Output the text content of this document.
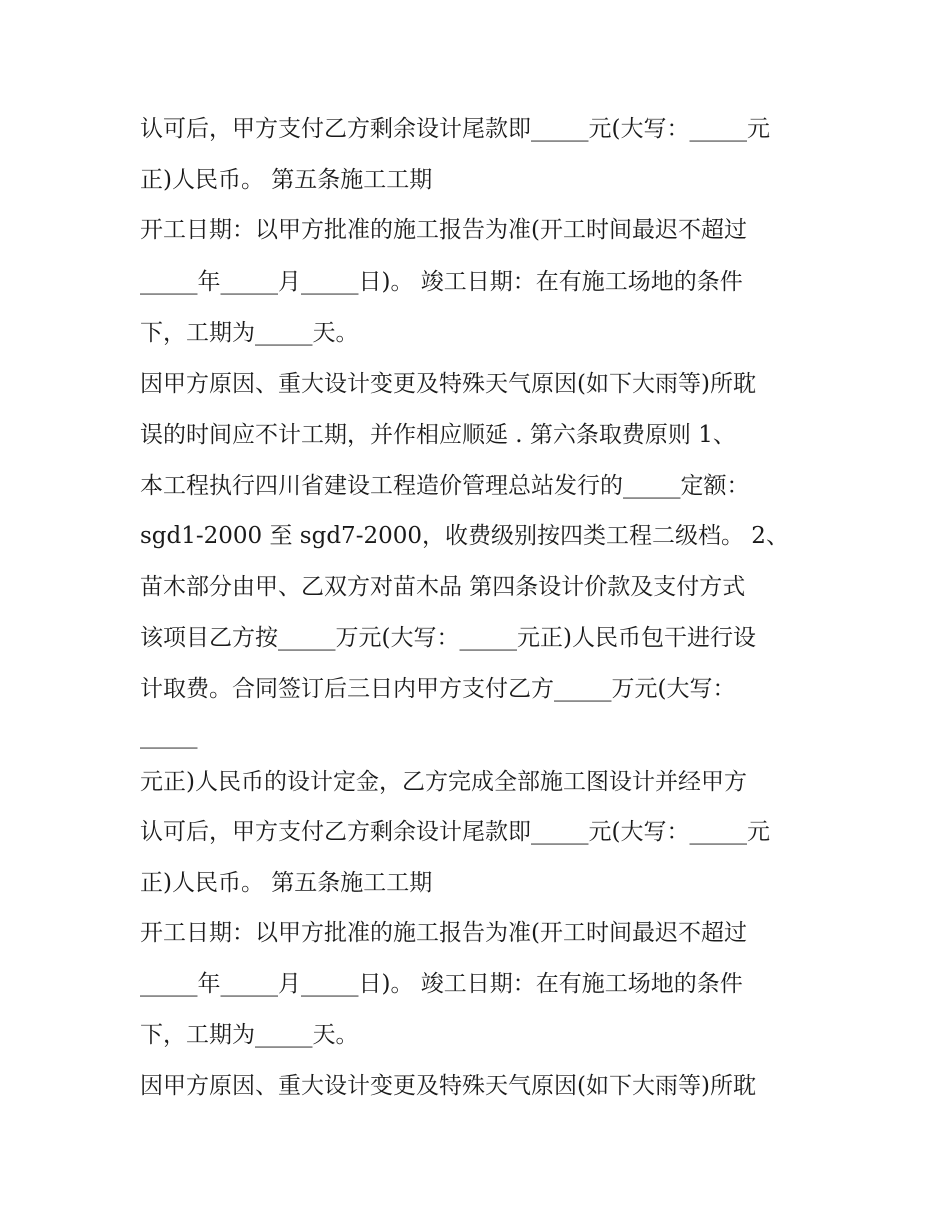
认可后，甲方支付乙方剩余设计尾款即_____元(大写：_____元

正)人民币。 第五条施工工期

开工日期：以甲方批准的施工报告为准(开工时间最迟不超过

_____年_____月_____日)。 竣工日期：在有施工场地的条件

下，工期为_____天。

因甲方原因、重大设计变更及特殊天气原因(如下大雨等)所耽

误的时间应不计工期，并作相应顺延 . 第六条取费原则 1、

本工程执行四川省建设工程造价管理总站发行的_____定额：

sgd1-2000 至 sgd7-2000，收费级别按四类工程二级档。 2、

苗木部分由甲、乙双方对苗木品 第四条设计价款及支付方式

该项目乙方按_____万元(大写：_____元正)人民币包干进行设

计取费。合同签订后三日内甲方支付乙方_____万元(大写：

_____

元正)人民币的设计定金，乙方完成全部施工图设计并经甲方

认可后，甲方支付乙方剩余设计尾款即_____元(大写：_____元

正)人民币。 第五条施工工期

开工日期：以甲方批准的施工报告为准(开工时间最迟不超过

_____年_____月_____日)。 竣工日期：在有施工场地的条件

下，工期为_____天。

因甲方原因、重大设计变更及特殊天气原因(如下大雨等)所耽
